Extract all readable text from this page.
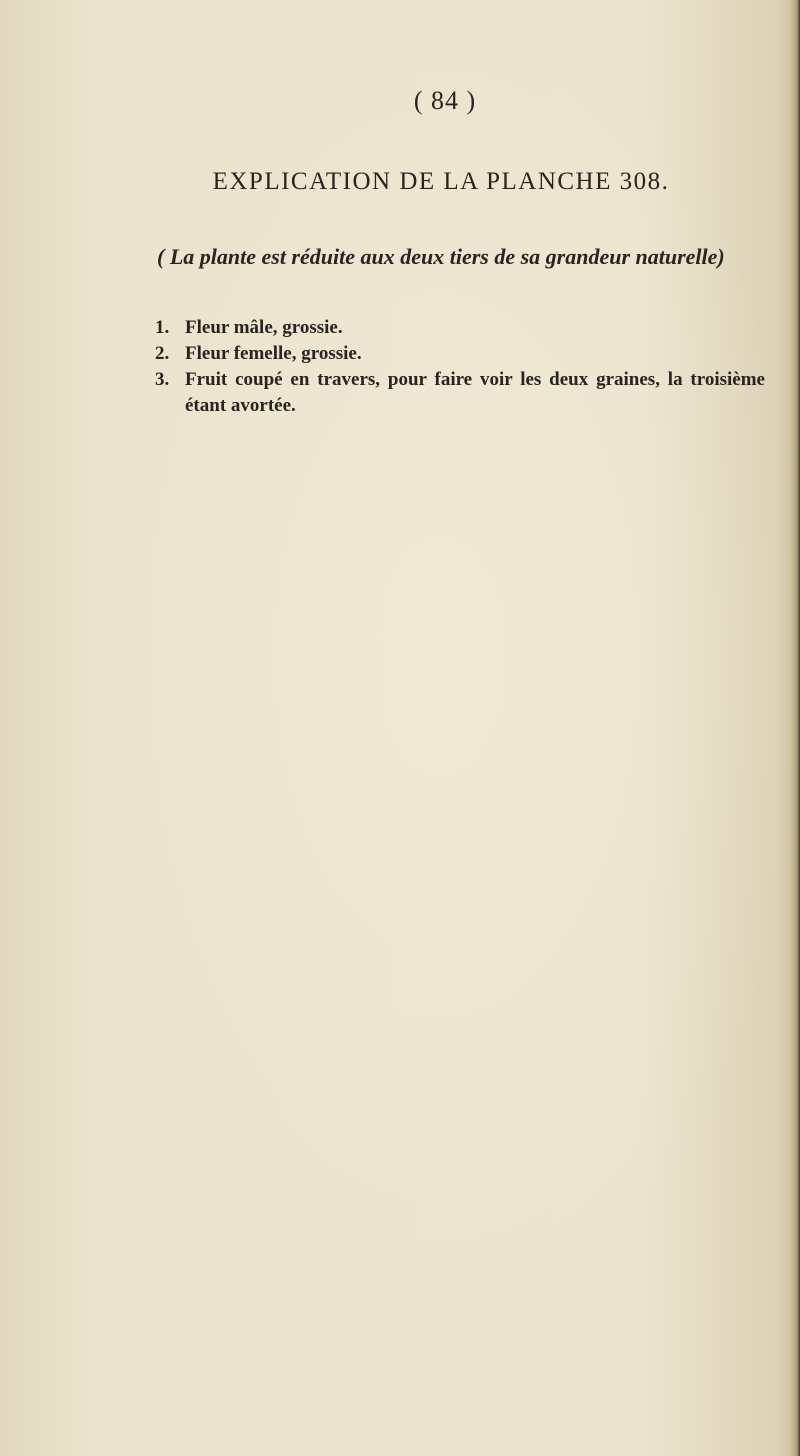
( 84 )
EXPLICATION DE LA PLANCHE 308.
( La plante est réduite aux deux tiers de sa grandeur naturelle)
1. Fleur mâle, grossie.
2. Fleur femelle, grossie.
3. Fruit coupé en travers, pour faire voir les deux graines, la troisième étant avortée.
